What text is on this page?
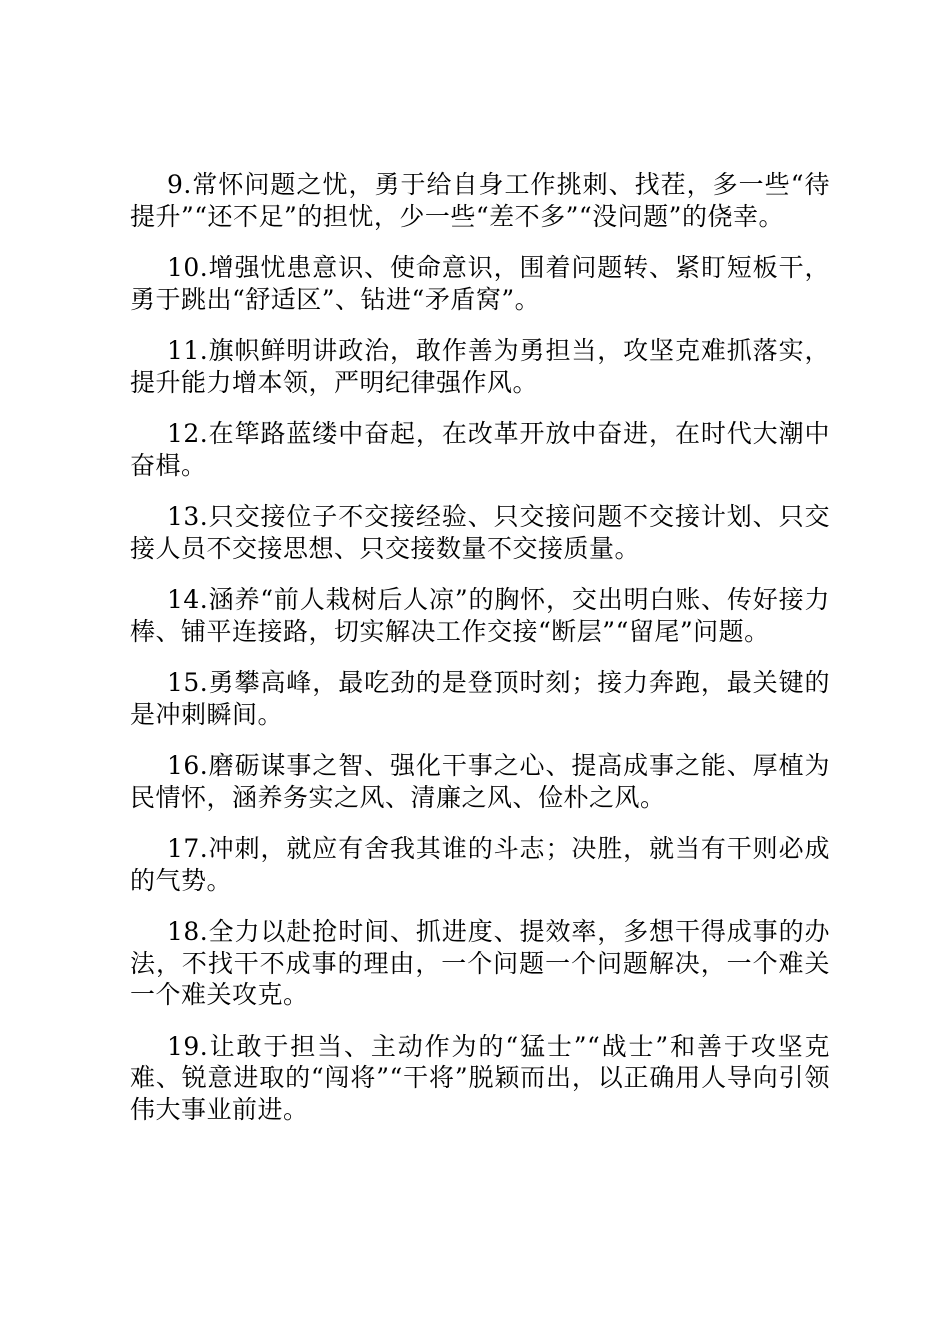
9.常怀问题之忧，勇于给自身工作挑刺、找茬，多一些“待提升”“还不足”的担忧，少一些“差不多”“没问题”的侥幸。

10.增强忧患意识、使命意识，围着问题转、紧盯短板干，勇于跳出“舒适区”、钻进“矛盾窝”。

11.旗帜鲜明讲政治，敢作善为勇担当，攻坚克难抓落实，提升能力增本领，严明纪律强作风。

12.在筚路蓝缕中奋起，在改革开放中奋进，在时代大潮中奋楫。

13.只交接位子不交接经验、只交接问题不交接计划、只交接人员不交接思想、只交接数量不交接质量。

14.涵养“前人栽树后人凉”的胸怀，交出明白账、传好接力棒、铺平连接路，切实解决工作交接“断层”“留尾”问题。

15.勇攀高峰，最吃劲的是登顶时刻；接力奔跑，最关键的是冲刺瞬间。

16.磨砺谋事之智、强化干事之心、提高成事之能、厚植为民情怀，涵养务实之风、清廉之风、俭朴之风。

17.冲刺，就应有舍我其谁的斗志；决胜，就当有干则必成的气势。

18.全力以赴抢时间、抓进度、提效率，多想干得成事的办法，不找干不成事的理由，一个问题一个问题解决，一个难关一个难关攻克。

19.让敢于担当、主动作为的“猛士”“战士”和善于攻坚克难、锐意进取的“闯将”“干将”脱颖而出，以正确用人导向引领伟大事业前进。
